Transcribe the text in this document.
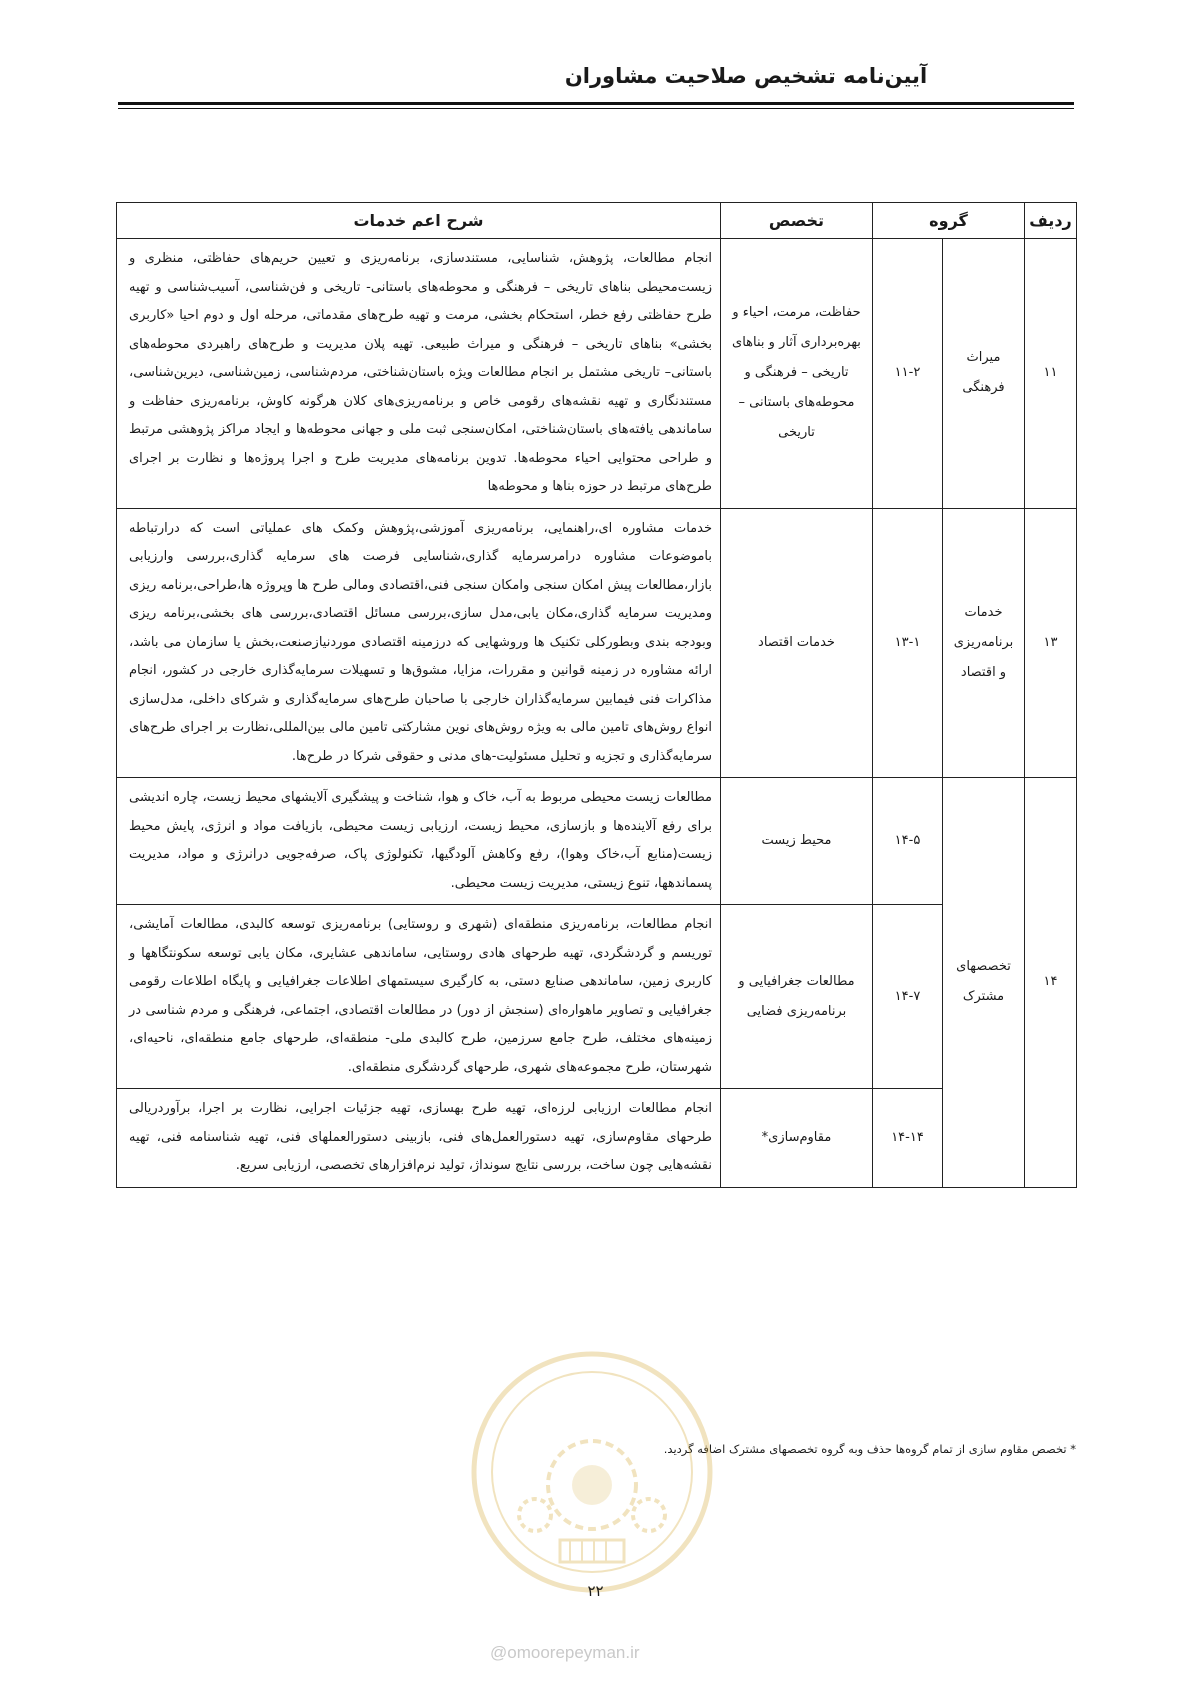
آیین‌نامه تشخیص صلاحیت مشاوران

ردیف	گروه		تخصص	شرح اعم خدمات
۱۱	میراث فرهنگی	۱۱-۲	حفاظت، مرمت، احیاء و بهره‌برداری آثار و بناهای تاریخی – فرهنگی و محوطه‌های باستانی – تاریخی	انجام مطالعات، پژوهش، شناسایی، مستندسازی، برنامه‌ریزی و تعیین حریم‌های حفاظتی، منظری و زیست‌محیطی بناهای تاریخی – فرهنگی و محوطه‌های باستانی- تاریخی و فن‌شناسی، آسیب‌شناسی و تهیه طرح حفاظتی رفع خطر، استحکام بخشی، مرمت و تهیه طرح‌های مقدماتی، مرحله اول و دوم احیا «کاربری بخشی» بناهای تاریخی – فرهنگی و میراث طبیعی. تهیه پلان مدیریت و طرح‌های راهبردی محوطه‌های باستانی– تاریخی مشتمل بر انجام مطالعات ویژه باستان‌شناختی، مردم‌شناسی، زمین‌شناسی، دیرین‌شناسی، مستندنگاری و تهیه نقشه‌های رقومی خاص و برنامه‌ریزی‌های کلان هرگونه کاوش، برنامه‌ریزی حفاظت و ساماندهی یافته‌های باستان‌شناختی، امکان‌سنجی ثبت ملی و جهانی محوطه‌ها و ایجاد مراکز پژوهشی مرتبط و طراحی محتوایی احیاء محوطه‌ها. تدوین برنامه‌های مدیریت طرح و اجرا پروژه‌ها و نظارت بر اجرای طرح‌های مرتبط در حوزه بناها و محوطه‌ها
۱۳	خدمات برنامه‌ریزی و اقتصاد	۱۳-۱	خدمات اقتصاد	خدمات مشاوره ای،راهنمایی، برنامه‌ریزی آموزشی،پژوهش وکمک های عملیاتی است که درارتباطه باموضوعات مشاوره درامرسرمایه گذاری،شناسایی فرصت های سرمایه گذاری،بررسی وارزیابی بازار،مطالعات پیش امکان سنجی وامکان سنجی فنی،اقتصادی ومالی طرح ها وپروژه ها،طراحی،برنامه ریزی ومدیریت سرمایه گذاری،مکان یابی،مدل سازی،بررسی مسائل اقتصادی،بررسی های بخشی،برنامه ریزی وبودجه بندی وبطورکلی تکنیک ها وروشهایی که درزمینه اقتصادی موردنیازصنعت،بخش یا سازمان می باشد، ارائه مشاوره در زمینه قوانین و مقررات، مزایا، مشوق‌ها و تسهیلات سرمایه‌گذاری خارجی در کشور، انجام مذاکرات فنی فیمابین سرمایه‌گذاران خارجی با صاحبان طرح‌های سرمایه‌گذاری و شرکای داخلی، مدل‌سازی انواع روش‌های تامین مالی به ویژه روش‌های نوین مشارکتی تامین مالی بین‌المللی،نظارت بر اجرای طرح‌های سرمایه‌گذاری و تجزیه و تحلیل مسئولیت-های مدنی و حقوقی شرکا در طرح‌ها.
۱۴	تخصصهای مشترک	۱۴-۵	محیط زیست	مطالعات زیست محیطی مربوط به آب، خاک و هوا، شناخت و پیشگیری آلایشهای محیط زیست، چاره اندیشی برای رفع آلاینده‌ها و بازسازی، محیط زیست، ارزیابی زیست محیطی، بازیافت مواد و انرژی، پایش محیط زیست(منابع آب،خاک وهوا)، رفع وکاهش آلودگیها، تکنولوژی پاک، صرفه‌جویی درانرژی و مواد، مدیریت پسماندهها، تنوع زیستی، مدیریت زیست محیطی.
		۱۴-۷	مطالعات جغرافیایی و برنامه‌ریزی فضایی	انجام مطالعات، برنامه‌ریزی منطقه‌ای (شهری و روستایی) برنامه‌ریزی توسعه کالبدی، مطالعات آمایشی، توریسم و گردشگردی، تهیه طرحهای هادی روستایی، ساماندهی عشایری، مکان یابی توسعه سکونتگاهها و کاربری زمین، ساماندهی صنایع دستی، به کارگیری سیستمهای اطلاعات جغرافیایی و پایگاه اطلاعات رقومی جغرافیایی و تصاویر ماهواره‌ای (سنجش از دور) در مطالعات اقتصادی، اجتماعی، فرهنگی و مردم شناسی در زمینه‌های مختلف، طرح جامع سرزمین، طرح کالبدی ملی- منطقه‌ای، طرحهای جامع منطقه‌ای، ناحیه‌ای، شهرستان، طرح مجموعه‌های شهری، طرحهای گردشگری منطقه‌ای.
		۱۴-۱۴	مقاوم‌سازی*	انجام مطالعات ارزیابی لرزه‌ای، تهیه طرح بهسازی، تهیه جزئیات اجرایی، نظارت بر اجرا، برآوردریالی طرحهای مقاوم‌سازی، تهیه دستورالعمل‌های فنی، بازبینی دستورالعملهای فنی، تهیه شناسنامه فنی، تهیه نقشه‌هایی چون ساخت، بررسی نتایج سونداژ، تولید نرم‌افزارهای تخصصی، ارزیابی سریع.
* تخصص مقاوم سازی از تمام گروه‌ها حذف وبه گروه تخصصهای مشترک اضافه گردید.
۲۲
@omoorepeyman.ir
